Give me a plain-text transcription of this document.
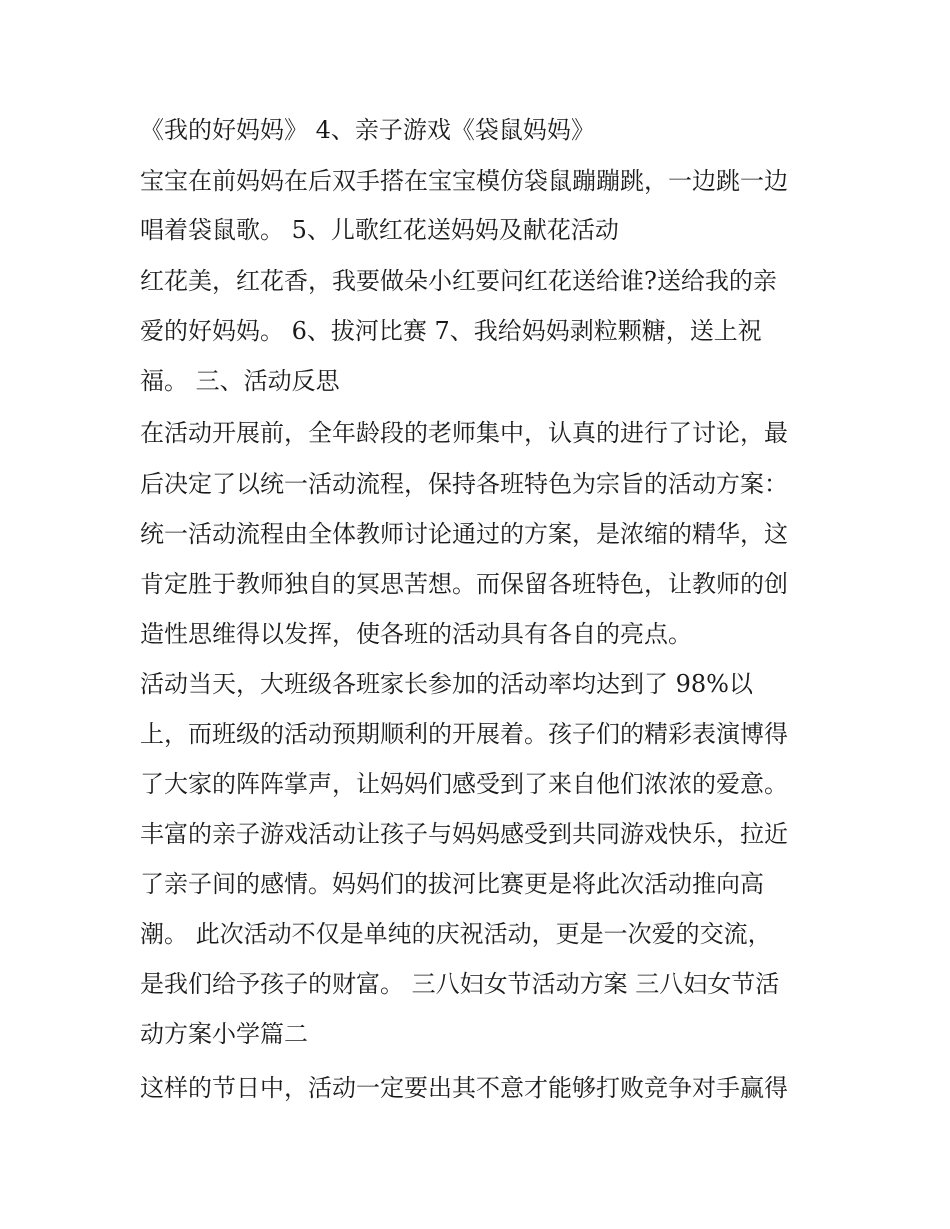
《我的好妈妈》 4、亲子游戏《袋鼠妈妈》
宝宝在前妈妈在后双手搭在宝宝模仿袋鼠蹦蹦跳，一边跳一边
唱着袋鼠歌。 5、儿歌红花送妈妈及献花活动
红花美，红花香，我要做朵小红要问红花送给谁?送给我的亲
爱的好妈妈。 6、拔河比赛 7、我给妈妈剥粒颗糖，送上祝
福。 三、活动反思
在活动开展前，全年龄段的老师集中，认真的进行了讨论，最
后决定了以统一活动流程，保持各班特色为宗旨的活动方案：
统一活动流程由全体教师讨论通过的方案，是浓缩的精华，这
肯定胜于教师独自的冥思苦想。而保留各班特色，让教师的创
造性思维得以发挥，使各班的活动具有各自的亮点。
活动当天，大班级各班家长参加的活动率均达到了 98%以
上，而班级的活动预期顺利的开展着。孩子们的精彩表演博得
了大家的阵阵掌声，让妈妈们感受到了来自他们浓浓的爱意。
丰富的亲子游戏活动让孩子与妈妈感受到共同游戏快乐，拉近
了亲子间的感情。妈妈们的拔河比赛更是将此次活动推向高
潮。 此次活动不仅是单纯的庆祝活动，更是一次爱的交流，
是我们给予孩子的财富。 三八妇女节活动方案 三八妇女节活
动方案小学篇二
这样的节日中，活动一定要出其不意才能够打败竞争对手赢得
